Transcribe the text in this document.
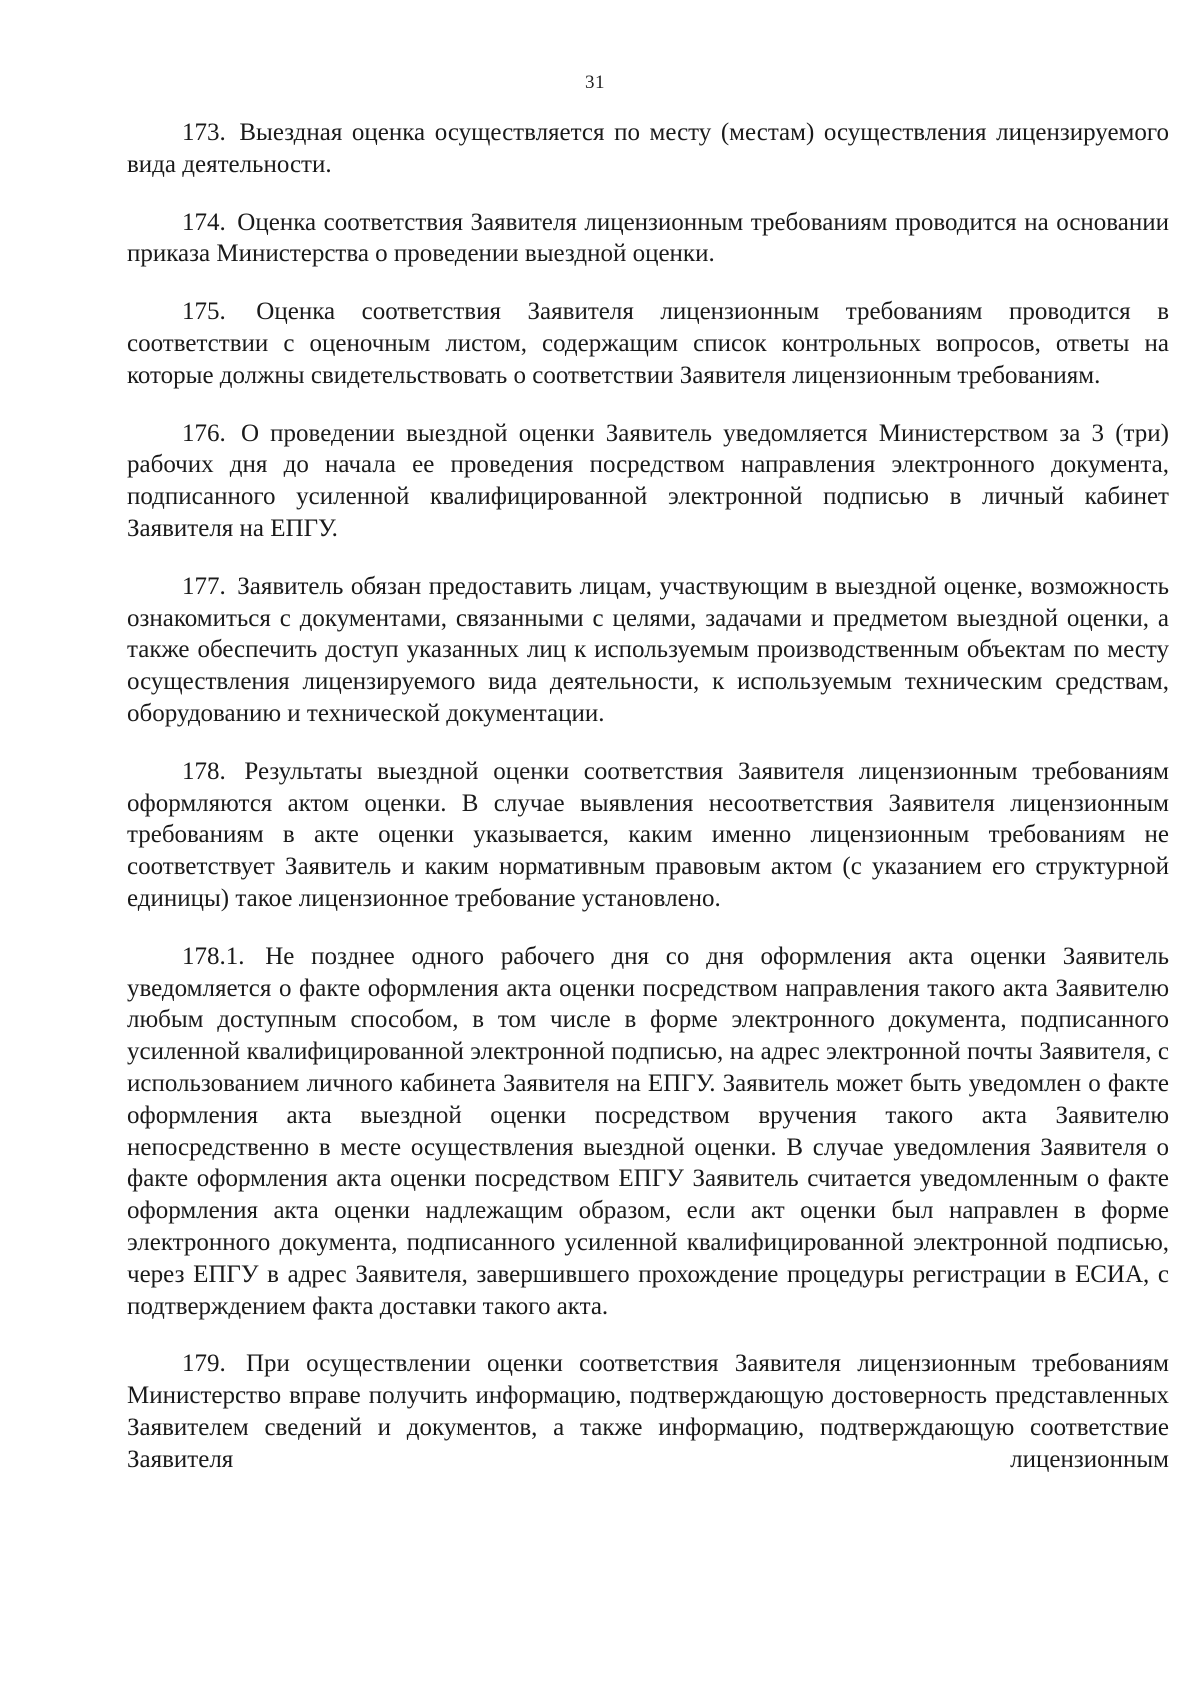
31

173. Выездная оценка осуществляется по месту (местам) осуществления лицензируемого вида деятельности.

174. Оценка соответствия Заявителя лицензионным требованиям проводится на основании приказа Министерства о проведении выездной оценки.

175. Оценка соответствия Заявителя лицензионным требованиям проводится в соответствии с оценочным листом, содержащим список контрольных вопросов, ответы на которые должны свидетельствовать о соответствии Заявителя лицензионным требованиям.

176. О проведении выездной оценки Заявитель уведомляется Министерством за 3 (три) рабочих дня до начала ее проведения посредством направления электронного документа, подписанного усиленной квалифицированной электронной подписью в личный кабинет Заявителя на ЕПГУ.

177. Заявитель обязан предоставить лицам, участвующим в выездной оценке, возможность ознакомиться с документами, связанными с целями, задачами и предметом выездной оценки, а также обеспечить доступ указанных лиц к используемым производственным объектам по месту осуществления лицензируемого вида деятельности, к используемым техническим средствам, оборудованию и технической документации.

178. Результаты выездной оценки соответствия Заявителя лицензионным требованиям оформляются актом оценки. В случае выявления несоответствия Заявителя лицензионным требованиям в акте оценки указывается, каким именно лицензионным требованиям не соответствует Заявитель и каким нормативным правовым актом (с указанием его структурной единицы) такое лицензионное требование установлено.

178.1. Не позднее одного рабочего дня со дня оформления акта оценки Заявитель уведомляется о факте оформления акта оценки посредством направления такого акта Заявителю любым доступным способом, в том числе в форме электронного документа, подписанного усиленной квалифицированной электронной подписью, на адрес электронной почты Заявителя, с использованием личного кабинета Заявителя на ЕПГУ. Заявитель может быть уведомлен о факте оформления акта выездной оценки посредством вручения такого акта Заявителю непосредственно в месте осуществления выездной оценки. В случае уведомления Заявителя о факте оформления акта оценки посредством ЕПГУ Заявитель считается уведомленным о факте оформления акта оценки надлежащим образом, если акт оценки был направлен в форме электронного документа, подписанного усиленной квалифицированной электронной подписью, через ЕПГУ в адрес Заявителя, завершившего прохождение процедуры регистрации в ЕСИА, с подтверждением факта доставки такого акта.

179. При осуществлении оценки соответствия Заявителя лицензионным требованиям Министерство вправе получить информацию, подтверждающую достоверность представленных Заявителем сведений и документов, а также информацию, подтверждающую соответствие Заявителя лицензионным
